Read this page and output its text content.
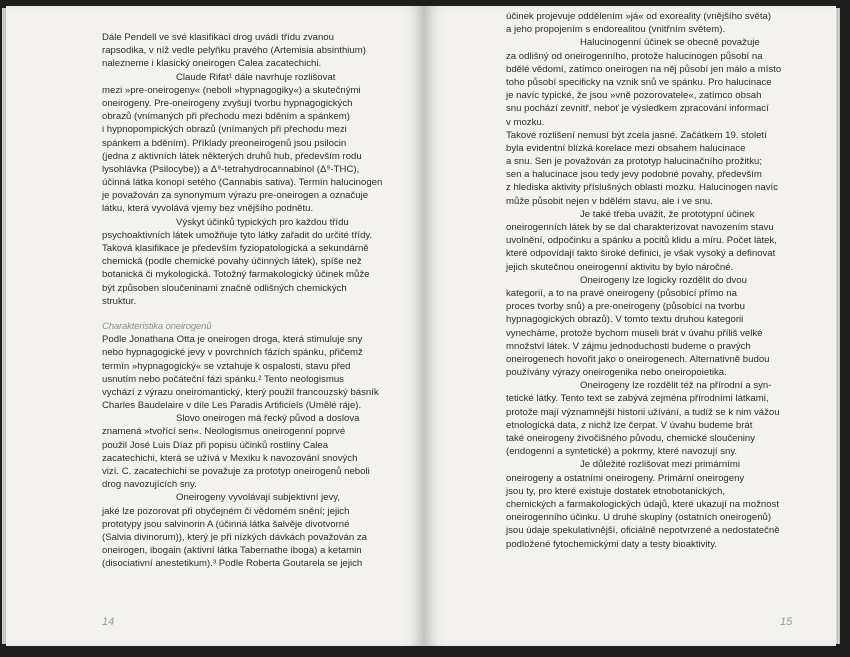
Dále Pendell ve své klasifikaci drog uvádí třídu zvanou
rapsodika, v níž vedle pelyňku pravého (Artemisia absinthium)
nalezneme i klasický oneirogen Calea zacatechichi.
Claude Rifat¹ dále navrhuje rozlišovat
mezi »pre-oneirogeny« (neboli »hypnagogiky«) a skutečnými
oneirogeny. Pre-oneirogeny zvyšují tvorbu hypnagogických
obrazů (vnímaných při přechodu mezi bděním a spánkem)
i hypnopompických obrazů (vnímaných při přechodu mezi
spánkem a bděním). Příklady preoneirogenů jsou psilocin
(jedna z aktivních látek některých druhů hub, především rodu
lysohlávka (Psilocybe)) a Δ⁹-tetrahydrocannabinol (Δ⁹-THC),
účinná látka konopí setého (Cannabis sativa). Termín halucinogen
je považován za synonymum výrazu pre-oneirogen a označuje
látku, která vyvolává vjemy bez vnějšího podnětu.
Výskyt účinků typických pro každou třídu
psychoaktivních látek umožňuje tyto látky zařadit do určité třídy.
Taková klasifikace je především fyziopatologická a sekundárně
chemická (podle chemické povahy účinných látek), spíše než
botanická či mykologická. Totožný farmakologický účinek může
být způsoben sloučeninami značně odlišných chemických
struktur.
Charakteristika oneirogenů
Podle Jonathana Otta je oneirogen droga, která stimuluje sny
nebo hypnagogické jevy v povrchních fázích spánku, přičemž
termín »hypnagogický« se vztahuje k ospalosti, stavu před
usnutím nebo počáteční fázi spánku.² Tento neologismus
vychází z výrazu oneiromantický, který použil francouzský básník
Charles Baudelaire v díle Les Paradis Artificiels (Umělé ráje).
Slovo oneirogen má řecký původ a doslova
znamená »tvořící sen«. Neologismus oneirogenní poprvé
použil José Luis Díaz při popisu účinků rostliny Calea
zacatechichi, která se užívá v Mexiku k navozování snových
vizí. C. zacatechichi se považuje za prototyp oneirogenů neboli
drog navozujících sny.
Oneirogeny vyvolávají subjektivní jevy,
jaké lze pozorovat při obyčejném či vědomém snění; jejich
prototypy jsou salvinorin A (účinná látka šalvěje divotvorné
(Salvia divinorum)), který je při nízkých dávkách považován za
oneirogen, ibogain (aktivní látka Tabernathe iboga) a ketamin
(disociativní anestetikum).³ Podle Roberta Goutarela se jejich
14
účinek projevuje oddělením »já« od exoreality (vnějšího světa)
a jeho propojením s endorealitou (vnitřním světem).
Halucinogenní účinek se obecně považuje
za odlišný od oneirogenního, protože halucinogen působí na
bdělé vědomí, zatímco oneirogen na něj působí jen málo a místo
toho působí specificky na vznik snů ve spánku. Pro halucinace
je navíc typické, že jsou »vně pozorovatele«, zatímco obsah
snu pochází zevnitř, neboť je výsledkem zpracování informací
v mozku.
Takové rozlišení nemusí být zcela jasné. Začátkem 19. století
byla evidentní blízká korelace mezi obsahem halucinace
a snu. Sen je považován za prototyp halucinačního prožitku;
sen a halucinace jsou tedy jevy podobné povahy, především
z hlediska aktivity příslušných oblastí mozku. Halucinogen navíc
může působit nejen v bdělém stavu, ale i ve snu.
Je také třeba uvážit, že prototypní účinek
oneirogenních látek by se dal charakterizovat navozením stavu
uvolnění, odpočinku a spánku a pocitů klidu a míru. Počet látek,
které odpovídají takto široké definici, je však vysoký a definovat
jejich skutečnou oneirogenní aktivitu by bylo náročné.
Oneirogeny lze logicky rozdělit do dvou
kategorií, a to na pravé oneirogeny (působící přímo na
proces tvorby snů) a pre-oneirogeny (působící na tvorbu
hypnagogických obrazů). V tomto textu druhou kategorii
vynecháme, protože bychom museli brát v úvahu příliš velké
množství látek. V zájmu jednoduchosti budeme o pravých
oneirogenech hovořit jako o oneirogenech. Alternativně budou
používány výrazy oneirogenika nebo oneiropoietika.
Oneirogeny lze rozdělit též na přírodní a syn-
tetické látky. Tento text se zabývá zejména přírodními látkami,
protože mají významnější historii užívání, a tudíž se k nim vážou
etnologická data, z nichž lze čerpat. V úvahu budeme brát
také oneirogeny živočišného původu, chemické sloučeniny
(endogenní a syntetické) a pokrmy, které navozují sny.
Je důležité rozlišovat mezi primárními
oneirogeny a ostatními oneirogeny. Primární oneirogeny
jsou ty, pro které existuje dostatek etnobotanických,
chemických a farmakologických údajů, které ukazují na možnost
oneirogenního účinku. U druhé skupiny (ostatních oneirogenů)
jsou údaje spekulativnější, oficiálně nepotvrzené a nedostatečně
podložené fytochemickými daty a testy bioaktivity.
15
